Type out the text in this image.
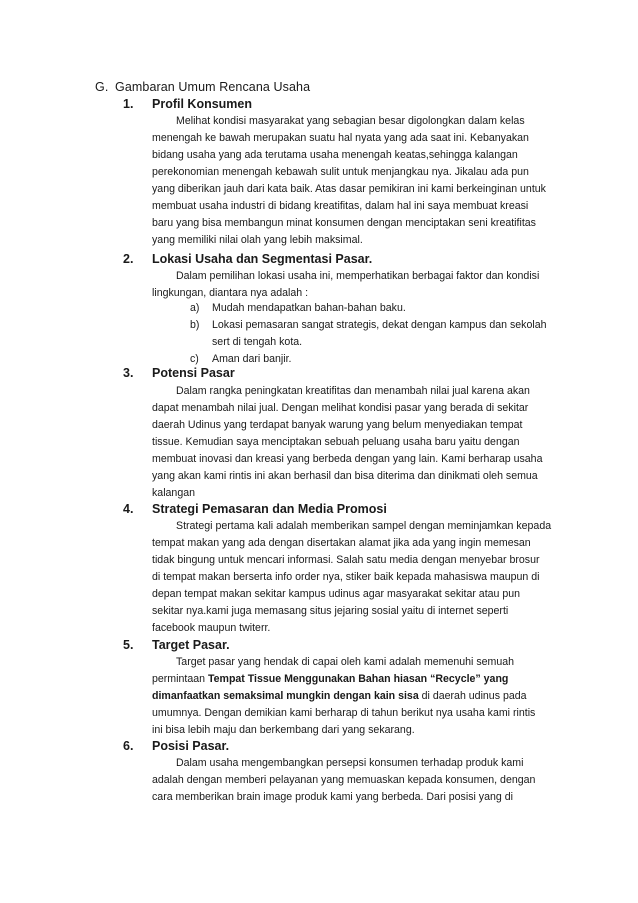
G. Gambaran Umum Rencana Usaha
1. Profil Konsumen
Melihat kondisi masyarakat yang sebagian besar digolongkan dalam kelas
menengah ke bawah merupakan suatu hal nyata yang ada saat ini. Kebanyakan
bidang usaha yang ada terutama usaha menengah keatas,sehingga kalangan
perekonomian menengah kebawah sulit untuk menjangkau nya. Jikalau ada pun
yang diberikan jauh dari kata baik. Atas dasar pemikiran ini kami berkeinginan untuk
membuat usaha industri di bidang kreatifitas, dalam hal ini saya membuat kreasi
baru yang bisa membangun minat konsumen dengan menciptakan seni kreatifitas
yang memiliki nilai olah yang lebih maksimal.
2. Lokasi Usaha dan Segmentasi Pasar.
Dalam pemilihan lokasi usaha ini, memperhatikan berbagai faktor dan kondisi
lingkungan, diantara nya adalah :
a) Mudah mendapatkan bahan-bahan baku.
b) Lokasi pemasaran sangat strategis, dekat dengan kampus dan sekolah
sert di tengah kota.
c) Aman dari banjir.
3. Potensi Pasar
Dalam rangka peningkatan kreatifitas dan menambah nilai jual karena akan
dapat menambah nilai jual. Dengan melihat kondisi pasar yang berada di sekitar
daerah Udinus yang terdapat banyak warung yang belum menyediakan tempat
tissue. Kemudian saya menciptakan sebuah peluang usaha baru yaitu dengan
membuat inovasi dan kreasi yang berbeda dengan yang lain. Kami berharap usaha
yang akan kami rintis ini akan berhasil dan bisa diterima dan dinikmati oleh semua
kalangan
4. Strategi Pemasaran dan Media Promosi
Strategi pertama kali adalah memberikan sampel dengan meminjamkan kepada
tempat makan yang ada dengan disertakan alamat jika ada yang ingin memesan
tidak bingung untuk mencari informasi. Salah satu media dengan menyebar brosur
di tempat makan berserta info order nya, stiker baik kepada mahasiswa maupun di
depan tempat makan sekitar kampus udinus agar masyarakat sekitar atau pun
sekitar nya.kami juga memasang situs jejaring sosial yaitu di internet seperti
facebook maupun twiterr.
5. Target Pasar.
Target pasar yang hendak di capai oleh kami adalah memenuhi semuah
permintaan Tempat Tissue Menggunakan Bahan hiasan “Recycle” yang
dimanfaatkan semaksimal mungkin dengan kain sisa di daerah udinus pada
umumnya. Dengan demikian kami berharap di tahun berikut nya usaha kami rintis
ini bisa lebih maju dan berkembang dari yang sekarang.
6. Posisi Pasar.
Dalam usaha mengembangkan persepsi konsumen terhadap produk kami
adalah dengan memberi pelayanan yang memuaskan kepada konsumen, dengan
cara memberikan brain image produk kami yang berbeda. Dari posisi yang di
